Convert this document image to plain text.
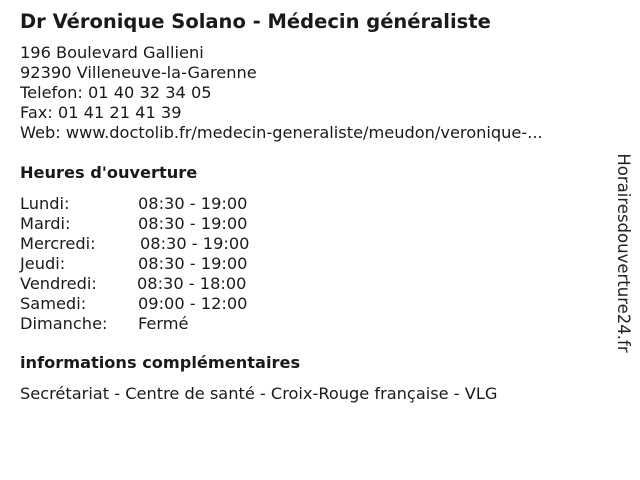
Dr Véronique Solano - Médecin généraliste
196 Boulevard Gallieni
92390 Villeneuve-la-Garenne
Telefon: 01 40 32 34 05
Fax: 01 41 21 41 39
Web: www.doctolib.fr/medecin-generaliste/meudon/veronique-...
Heures d'ouverture
Lundi:	08:30 - 19:00
Mardi:	08:30 - 19:00
Mercredi:	08:30 - 19:00
Jeudi:	08:30 - 19:00
Vendredi: 08:30 - 18:00
Samedi:	09:00 - 12:00
Dimanche: Fermé
informations complémentaires
Secrétariat - Centre de santé - Croix-Rouge française - VLG
Horairesdouverture24.fr
